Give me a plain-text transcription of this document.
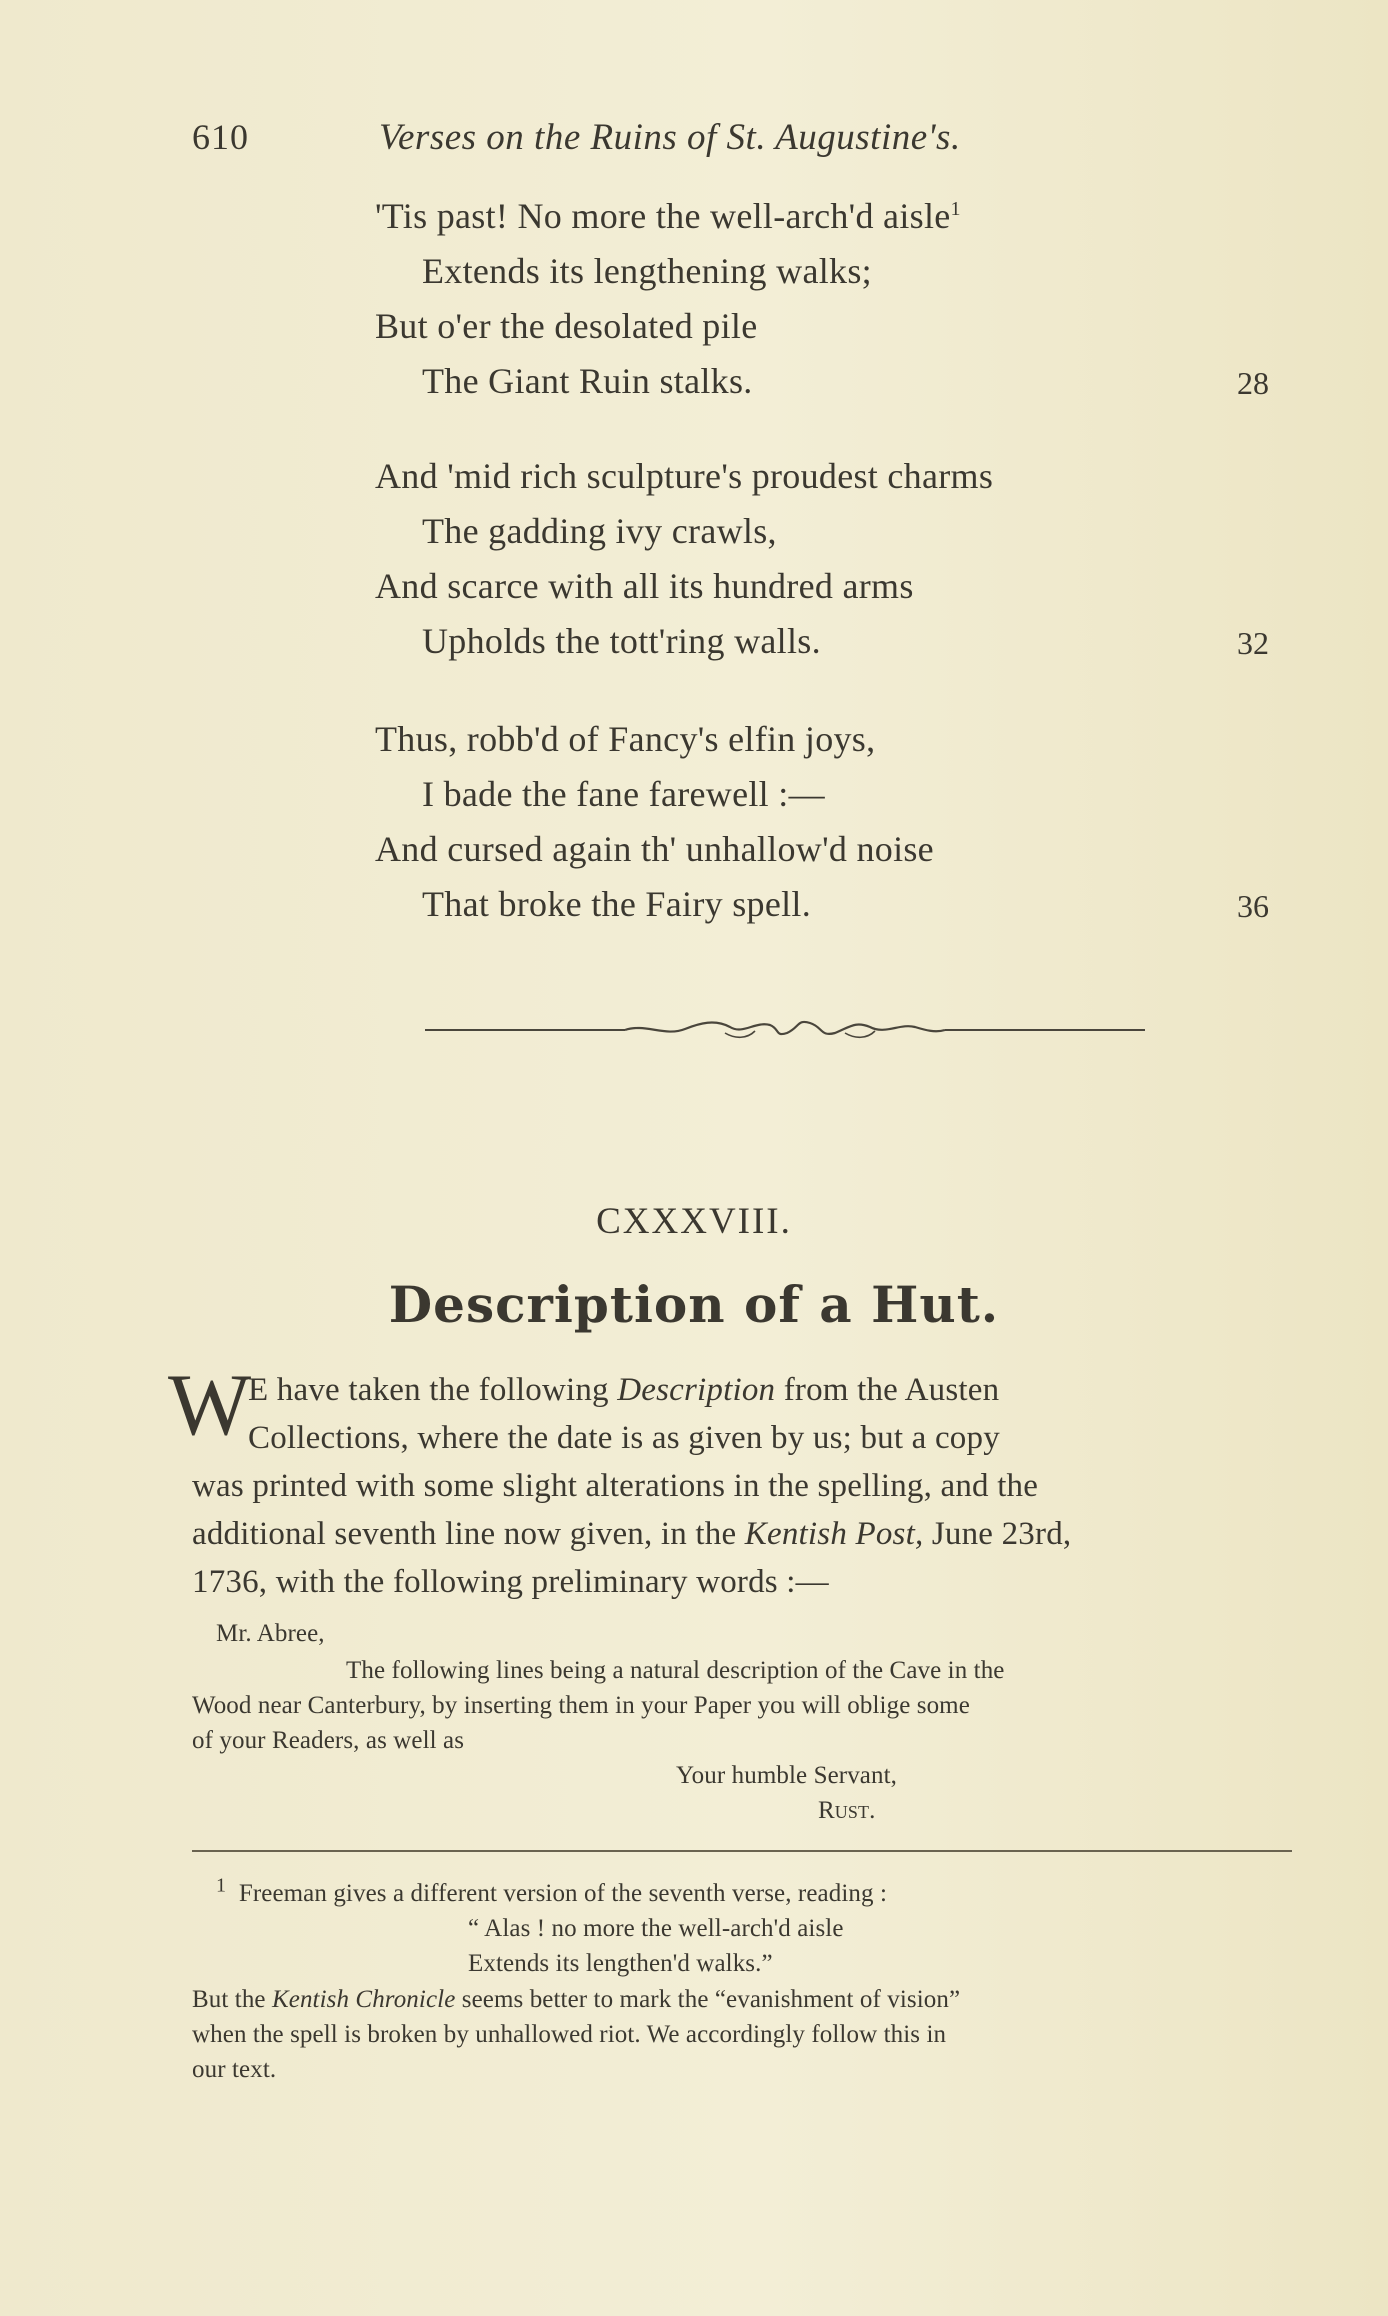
610	Verses on the Ruins of St. Augustine's.
'Tis past! No more the well-arch'd aisle$^1$
Extends its lengthening walks;
But o'er the desolated pile
The Giant Ruin stalks.	28
And 'mid rich sculpture's proudest charms
The gadding ivy crawls,
And scarce with all its hundred arms
Upholds the tott'ring walls.	32
Thus, robb'd of Fancy's elfin joys,
I bade the fane farewell :—
And cursed again th' unhallow'd noise
That broke the Fairy spell.	36
CXXXVIII.
Description of a Hut.
W
E have taken the following Description from the Austen
Collections, where the date is as given by us; but a copy
was printed with some slight alterations in the spelling, and the
additional seventh line now given, in the Kentish Post, June 23rd,
1736, with the following preliminary words :—
Mr. Abree,
The following lines being a natural description of the Cave in the
Wood near Canterbury, by inserting them in your Paper you will oblige some
of your Readers, as well as
Your humble Servant,
Rust.
$^1$ Freeman gives a different version of the seventh verse, reading :
“ Alas ! no more the well-arch'd aisle
Extends its lengthen'd walks.”
But the Kentish Chronicle seems better to mark the “evanishment of vision”
when the spell is broken by unhallowed riot. We accordingly follow this in
our text.
